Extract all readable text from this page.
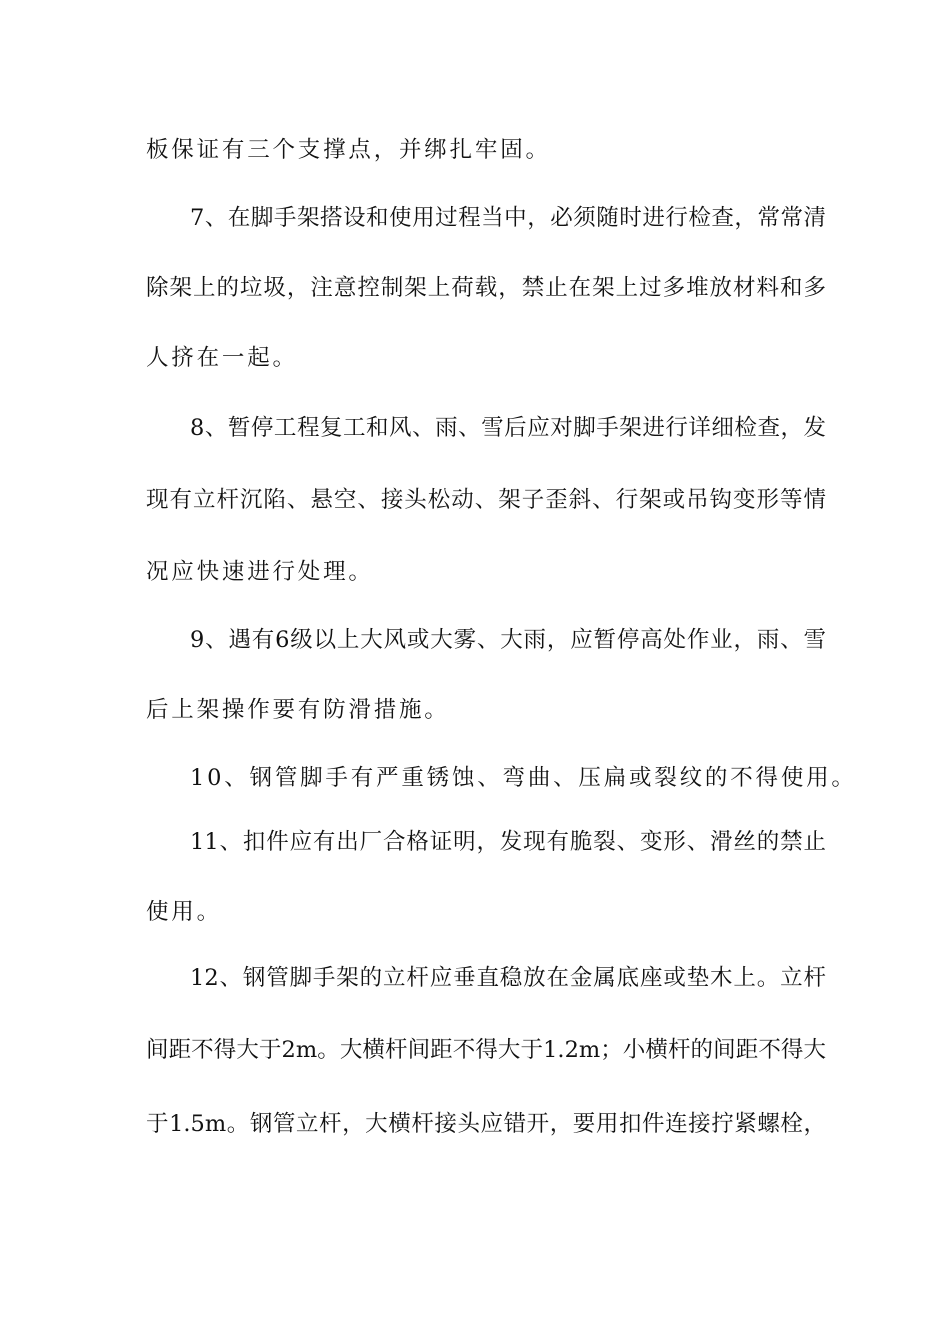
板保证有三个支撑点，并绑扎牢固。
7、在脚手架搭设和使用过程当中，必须随时进行检查，常常清
除架上的垃圾，注意控制架上荷载，禁止在架上过多堆放材料和多
人挤在一起。
8、暂停工程复工和风、雨、雪后应对脚手架进行详细检查，发
现有立杆沉陷、悬空、接头松动、架子歪斜、行架或吊钩变形等情
况应快速进行处理。
9、遇有6级以上大风或大雾、大雨，应暂停高处作业，雨、雪
后上架操作要有防滑措施。
10、钢管脚手有严重锈蚀、弯曲、压扁或裂纹的不得使用。
11、扣件应有出厂合格证明，发现有脆裂、变形、滑丝的禁止
使用。
12、钢管脚手架的立杆应垂直稳放在金属底座或垫木上。立杆
间距不得大于2m。大横杆间距不得大于1.2m；小横杆的间距不得大
于1.5m。钢管立杆，大横杆接头应错开，要用扣件连接拧紧螺栓，
